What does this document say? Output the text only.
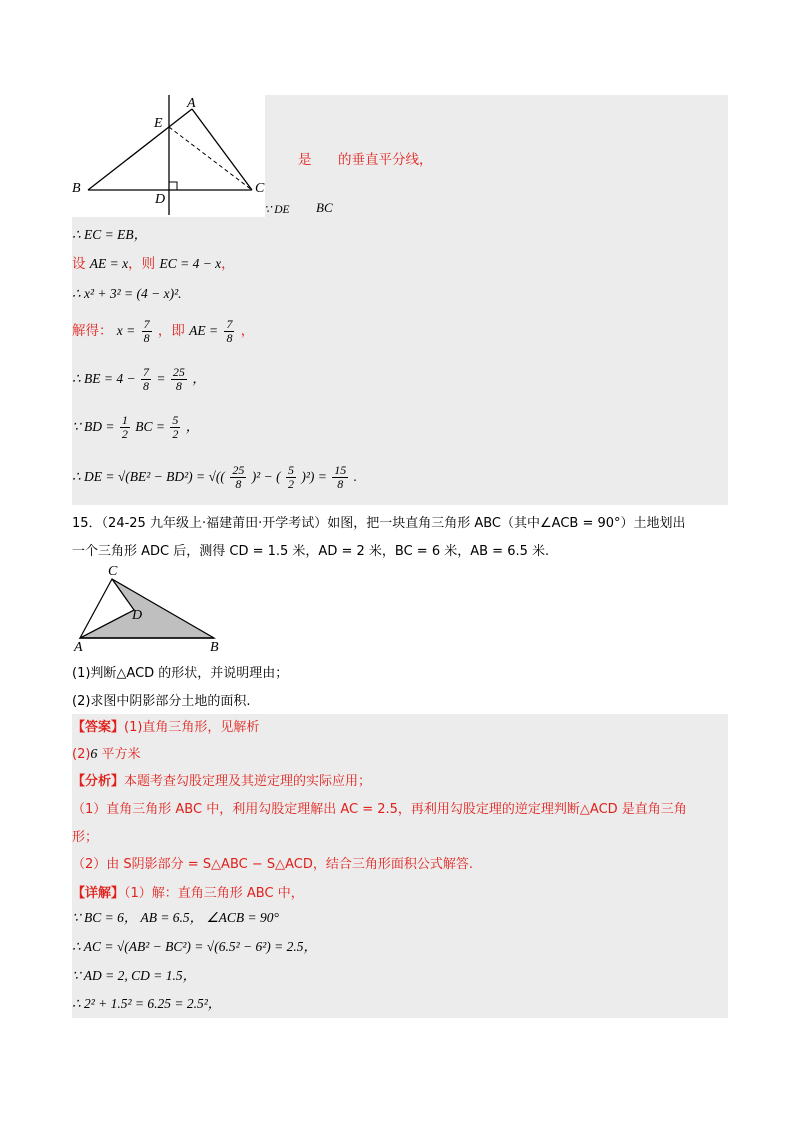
A
E
B
D
C
是 的垂直平分线，
∵ DE BC
∴ EC = EB，
设 AE = x，则 EC = 4 − x，
∴ x² + 3² = (4 − x)².
解得： $x = \frac{7}{8}$ ，即 AE = $\frac{7}{8}$ ，
∴ BE = $4 - \frac{7}{8} = \frac{25}{8}$ ，
∵ BD = $\frac{1}{2}$ BC = $\frac{5}{2}$ ，
∴ DE = √(BE² − BD²) = √(( $\frac{25}{8} )^2$ − ( $\frac{5}{2} )^2) = \frac{15}{8}$ .
15．（24-25 九年级上·福建莆田·开学考试）如图，把一块直角三角形 ABC（其中∠ACB = 90°）土地划出
一个三角形 ADC 后，测得 CD = 1.5 米，AD = 2 米，BC = 6 米，AB = 6.5 米.
C
D
A	B
(1)判断△ACD 的形状，并说明理由；
(2)求图中阴影部分土地的面积.
【答案】(1)直角三角形，见解析
(2)6 平方米
【分析】本题考查勾股定理及其逆定理的实际应用；
（1）直角三角形 ABC 中，利用勾股定理解出 AC = 2.5，再利用勾股定理的逆定理判断△ACD 是直角三角
形；
（2）由 S阴影部分 = S△ABC − S△ACD，结合三角形面积公式解答.
【详解】（1）解：直角三角形 ABC 中，
∵ BC = 6， AB = 6.5， ∠ACB = 90°
∴ AC = √(AB² − BC²) = √(6.5² − 6²) = 2.5，
∵ AD = 2, CD = 1.5，
∴ 2² + 1.5² = 6.25 = 2.5²，
